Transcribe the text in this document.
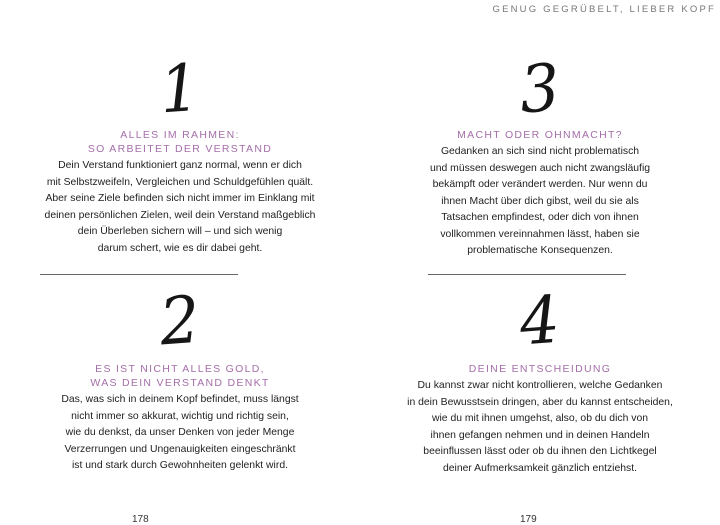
1
ALLES IM RAHMEN:
SO ARBEITET DER VERSTAND
Dein Verstand funktioniert ganz normal, wenn er dich
mit Selbstzweifeln, Vergleichen und Schuldgefühlen quält.
Aber seine Ziele befinden sich nicht immer im Einklang mit
deinen persönlichen Zielen, weil dein Verstand maßgeblich
dein Überleben sichern will – und sich wenig
darum schert, wie es dir dabei geht.
2
ES IST NICHT ALLES GOLD,
WAS DEIN VERSTAND DENKT
Das, was sich in deinem Kopf befindet, muss längst
nicht immer so akkurat, wichtig und richtig sein,
wie du denkst, da unser Denken von jeder Menge
Verzerrungen und Ungenauigkeiten eingeschränkt
ist und stark durch Gewohnheiten gelenkt wird.
178
GENUG GEGRÜBELT, LIEBER KOPF
3
MACHT ODER OHNMACHT?
Gedanken an sich sind nicht problematisch
und müssen deswegen auch nicht zwangsläufig
bekämpft oder verändert werden. Nur wenn du
ihnen Macht über dich gibst, weil du sie als
Tatsachen empfindest, oder dich von ihnen
vollkommen vereinnahmen lässt, haben sie
problematische Konsequenzen.
4
DEINE ENTSCHEIDUNG
Du kannst zwar nicht kontrollieren, welche Gedanken
in dein Bewusstsein dringen, aber du kannst entscheiden,
wie du mit ihnen umgehst, also, ob du dich von
ihnen gefangen nehmen und in deinen Handeln
beeinflussen lässt oder ob du ihnen den Lichtkegel
deiner Aufmerksamkeit gänzlich entziehst.
179
